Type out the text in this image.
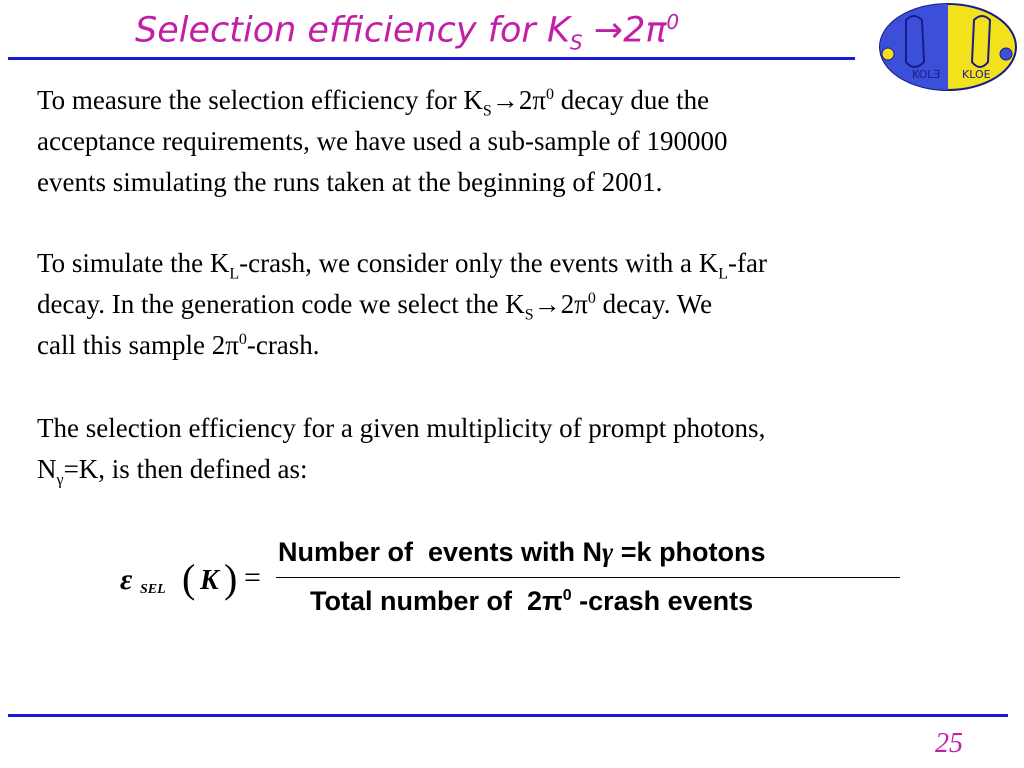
Selection efficiency for $K_S \to 2\pi^0$
KOLƎ KLOE
To measure the selection efficiency for $K_S\to 2\pi^0$ decay due the
acceptance requirements, we have used a sub-sample of 190000
events simulating the runs taken at the beginning of 2001.
To simulate the $K_L$-crash, we consider only the events with a $K_L$-far
decay. In the generation code we select the $K_S\to 2\pi^0$ decay. We
call this sample $2\pi^0$-crash.
The selection efficiency for a given multiplicity of prompt photons,
$N_\gamma=K$, is then defined as:
ε SEL ( K ) =
Number of  events with Nγ =k photons
Total number of  $2\pi^0$ -crash events
25
